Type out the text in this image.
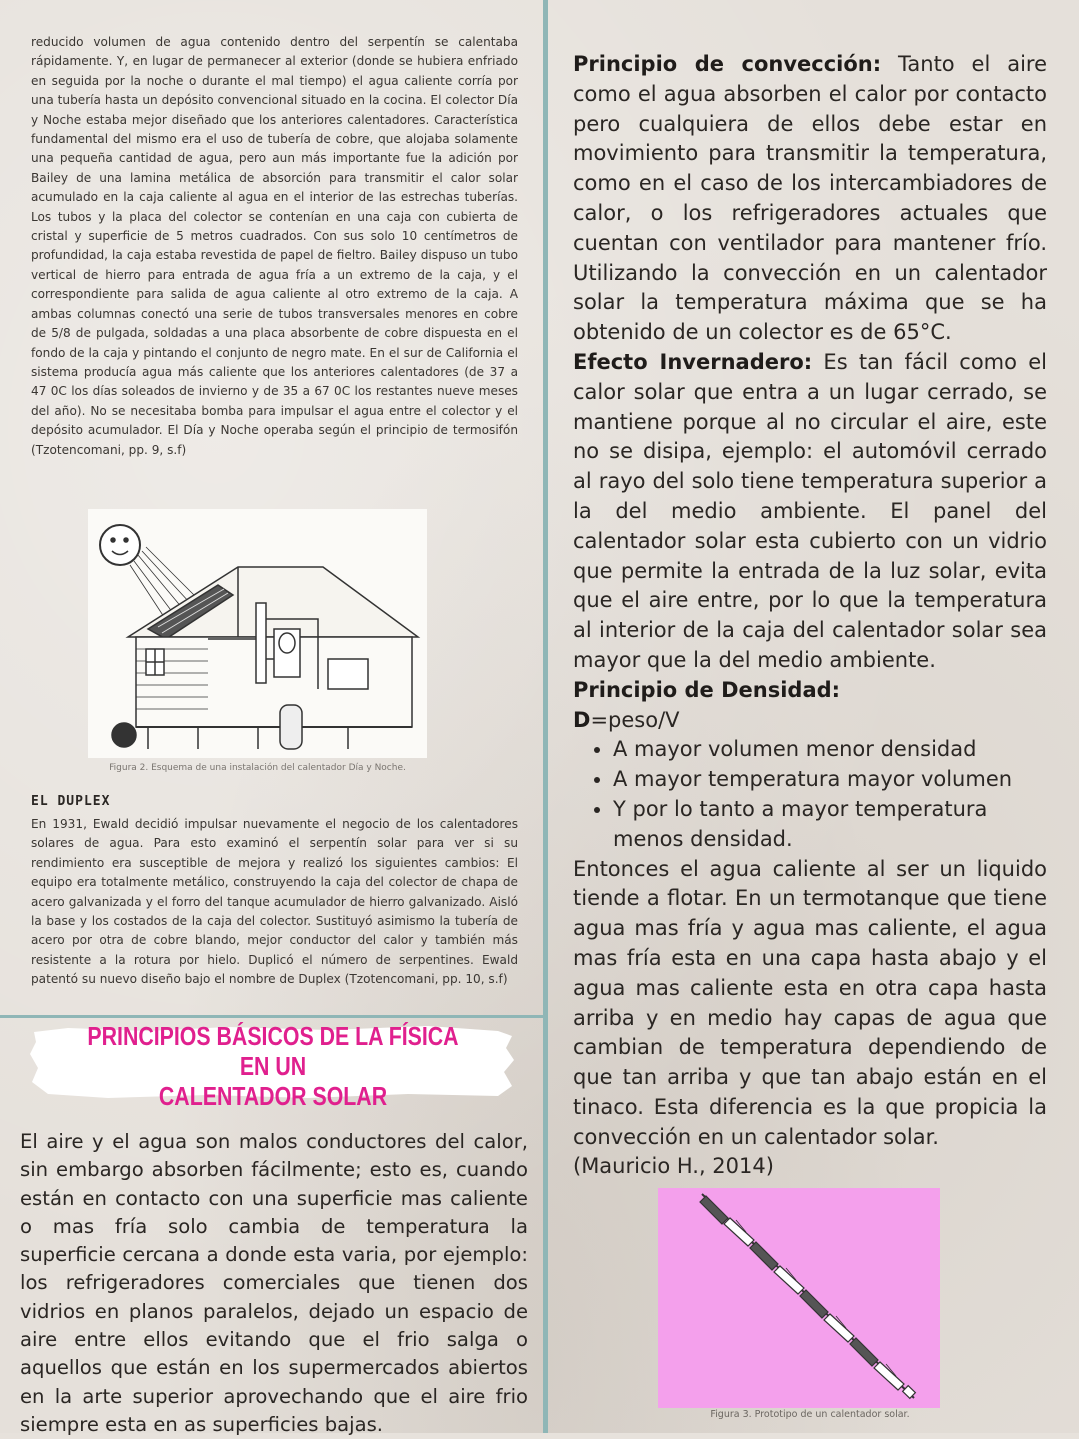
reducido volumen de agua contenido dentro del serpentín se calentaba rápidamente. Y, en lugar de permanecer al exterior (donde se hubiera enfriado en seguida por la noche o durante el mal tiempo) el agua caliente corría por una tubería hasta un depósito convencional situado en la cocina. El colector Día y Noche estaba mejor diseñado que los anteriores calentadores. Característica fundamental del mismo era el uso de tubería de cobre, que alojaba solamente una pequeña cantidad de agua, pero aun más importante fue la adición por Bailey de una lamina metálica de absorción para transmitir el calor solar acumulado en la caja caliente al agua en el interior de las estrechas tuberías. Los tubos y la placa del colector se contenían en una caja con cubierta de cristal y superficie de 5 metros cuadrados. Con sus solo 10 centímetros de profundidad, la caja estaba revestida de papel de fieltro. Bailey dispuso un tubo vertical de hierro para entrada de agua fría a un extremo de la caja, y el correspondiente para salida de agua caliente al otro extremo de la caja. A ambas columnas conectó una serie de tubos transversales menores en cobre de 5/8 de pulgada, soldadas a una placa absorbente de cobre dispuesta en el fondo de la caja y pintando el conjunto de negro mate. En el sur de California el sistema producía agua más caliente que los anteriores calentadores (de 37 a 47 0C los días soleados de invierno y de 35 a 67 0C los restantes nueve meses del año). No se necesitaba bomba para impulsar el agua entre el colector y el depósito acumulador. El Día y Noche operaba según el principio de termosifón (Tzotencomani, pp. 9, s.f)
Figura 2. Esquema de una instalación del calentador Día y Noche.
EL DUPLEX
En 1931, Ewald decidió impulsar nuevamente el negocio de los calentadores solares de agua. Para esto examinó el serpentín solar para ver si su rendimiento era susceptible de mejora y realizó los siguientes cambios: El equipo era totalmente metálico, construyendo la caja del colector de chapa de acero galvanizada y el forro del tanque acumulador de hierro galvanizado. Aisló la base y los costados de la caja del colector. Sustituyó asimismo la tubería de acero por otra de cobre blando, mejor conductor del calor y también más resistente a la rotura por hielo. Duplicó el número de serpentines. Ewald patentó su nuevo diseño bajo el nombre de Duplex (Tzotencomani, pp. 10, s.f)
PRINCIPIOS BÁSICOS DE LA FÍSICA EN UN
CALENTADOR SOLAR
El aire y el agua son malos conductores del calor, sin embargo absorben fácilmente; esto es, cuando están en contacto con una superficie mas caliente o mas fría solo cambia de temperatura la superficie cercana a donde esta varia, por ejemplo: los refrigeradores comerciales que tienen dos vidrios en planos paralelos, dejado un espacio de aire entre ellos evitando que el frio salga o aquellos que están en los supermercados abiertos en la arte superior aprovechando que el aire frio siempre esta en as superficies bajas.

Principio de convección: Tanto el aire como el agua absorben el calor por contacto pero cualquiera de ellos debe estar en movimiento para transmitir la temperatura, como en el caso de los intercambiadores de calor, o los refrigeradores actuales que cuentan con ventilador para mantener frío. Utilizando la convección en un calentador solar la temperatura máxima que se ha obtenido de un colector es de 65°C.

Efecto Invernadero: Es tan fácil como el calor solar que entra a un lugar cerrado, se mantiene porque al no circular el aire, este no se disipa, ejemplo: el automóvil cerrado al rayo del solo tiene temperatura superior a la del medio ambiente. El panel del calentador solar esta cubierto con un vidrio que permite la entrada de la luz solar, evita que el aire entre, por lo que la temperatura al interior de la caja del calentador solar sea mayor que la del medio ambiente.

Principio de Densidad:

D=peso/V

• A mayor volumen menor densidad
• A mayor temperatura mayor volumen
• Y por lo tanto a mayor temperatura menos densidad.

Entonces el agua caliente al ser un liquido tiende a flotar. En un termotanque que tiene agua mas fría y agua mas caliente, el agua mas fría esta en una capa hasta abajo y el agua mas caliente esta en otra capa hasta arriba y en medio hay capas de agua que cambian de temperatura dependiendo de que tan arriba y que tan abajo están en el tinaco. Esta diferencia es la que propicia la convección en un calentador solar.

(Mauricio H., 2014)

Figura 3. Prototipo de un calentador solar.
